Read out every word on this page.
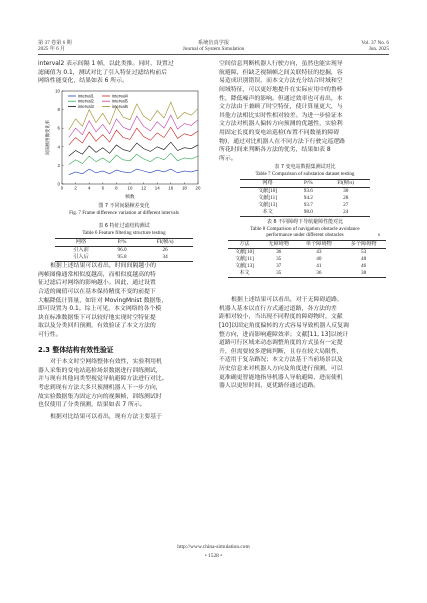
第 37 卷第 6 期
2025 年 6 月
系统仿真学报
Journal of System Simulation
Vol. 37 No. 6
Jun. 2025
interval2 表示间隔 1 帧，以此类推。同时，设置过
滤阈值为 0.1，测试对比了引入特征过滤结构前后
网络性能变化，结果如表 6 所示。
0	2	4	6	8 10 12 14 16 18 20
0
2
4
6
8
10
帧数
间隔帧图像变化率
interval1
interval2
interval3
interval4
interval5
interval6
图 7 不同间隔帧差变化
Fig. 7 Frame difference variation at different intervals
表 6 特征过滤结构测试
Table 6 Feature filtering structure testing
网络	P/%	FI(帧/s)
引入前	96.0	26
引入后	95.8	34
根据上述结果可以看出，时间间隔越小的
两帧图像通常相似度越高，而相似度越高的特
征过滤后对网络的影响越小。因此，通过设置
合适的阈值可以在基本保持精度不变的前提下
大幅降低计算量，如针对 MovingMnist 数据集，
即可设置为 0.1。综上可见，本文网络的各个模
块在标准数据集下可以较好地实现时空特征提
取以及分类回归预测，有效验证了本文方法的
可行性。
2.3 整体结构有效性验证
对于本文时空网络整体有效性，实验利用机
器人采集的变电站巡检场景数据进行训练测试，
并与现有其他同类型视觉导航避障方法进行对比。
考虑到现有方法大多只预测机器人下一步方向，
故实验数据集为固定方向的视频帧，训练测试时
也仅使用了分类预测，结果如表 7 所示。
根据对比结果可以看出，现有方法主要基于
空间信息判断机器人行驶方向，虽然也能实现导
航避障，但缺乏视频帧之间关联特征的挖掘，容
易造成识别错误，而本文方法充分结合时域和空
间域特征，可以更好地提升在实际应用中的鲁棒
性，降低噪声的影响。但通过效率也可看出，本
文方法由于兼顾了时空特征，使计算量更大，与
其他方法相比实时性相对较差。为进一步验证本
文方法对机器人偏转方向预测的优越性，实验利
用固定长度的变电站巡检(布置不同数量的障碍
物)，通过对比机器人在不同方法下行驶完巡逻路
所花时间来判断各方法的优劣，结果如表 8
所示。
表 7 变电站数据集测试对比
Table 7 Comparison of substation dataset testing
网络	P/%	FI(帧/s)
文献[10]	93.6	30
文献[11]	94.2	28
文献[13]	93.7	27
本文	98.0	24
表 8 不同障碍下导航避障性能对比
Table 8 Comparison of navigation obstacle avoidance
performance under different obstacles	s
方法	无障碍物	单个障碍物	多个障碍物
文献[10]	36	43	53
文献[11]	35	40	48
文献[13]	37	41	46
本文	35	36	38
根据上述结果可以看出，对于无障碍道路，
机器人基本以直行方式通过道路，各方法的差
距相对较小，当出现不同程度的障碍物时，文献
[10]以固定角度偏转的方式容易导致机器人反复调
整方向，进而影响避障效率；文献[11, 13]以统计
道路可行区域来动态调整角度的方式虽有一定提
升，但需要较多逻辑判断，且存在较大局限性，
不适用于复杂路况；本文方法基于当前场景以及
历史信息来对机器人方向及角度进行预测，可以
更准确更智能地指导机器人导航避障，进而使机
器人以更短时间、更优路径通过道路。
http://www.china-simulation.com
• 1528 •
